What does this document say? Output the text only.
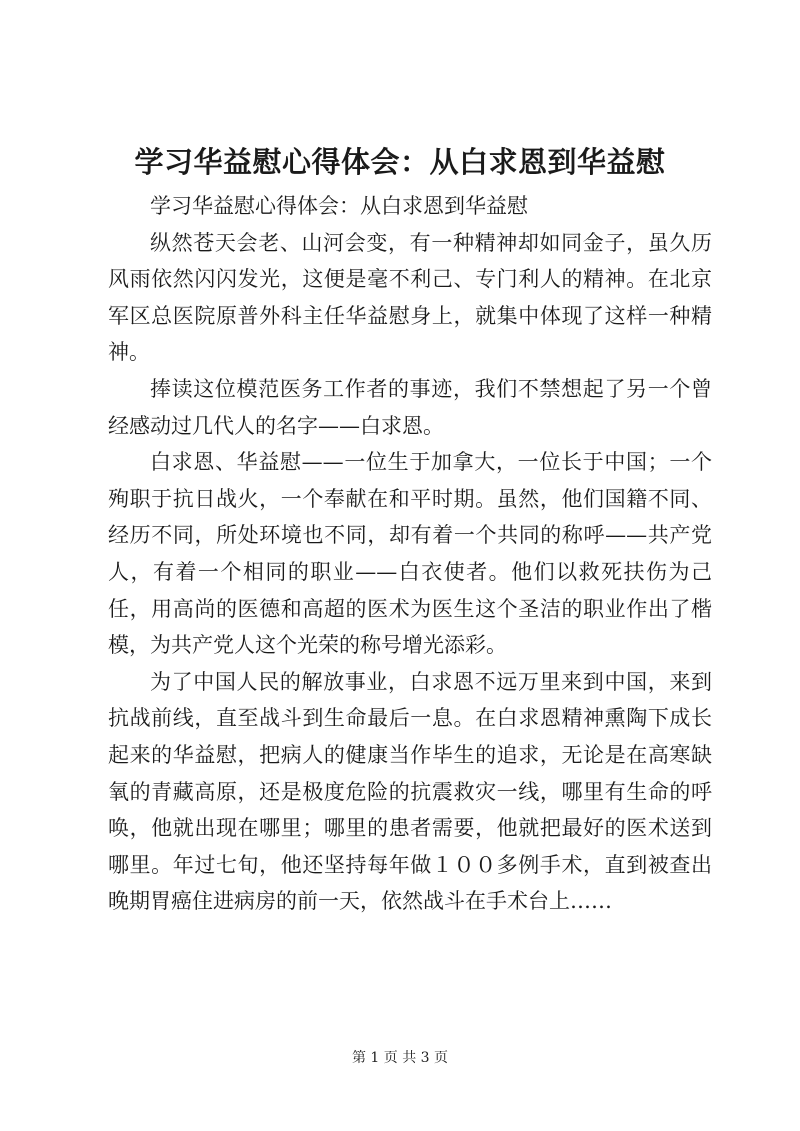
学习华益慰心得体会：从白求恩到华益慰

学习华益慰心得体会：从白求恩到华益慰

纵然苍天会老、山河会变，有一种精神却如同金子，虽久历风雨依然闪闪发光，这便是毫不利己、专门利人的精神。在北京军区总医院原普外科主任华益慰身上，就集中体现了这样一种精神。

捧读这位模范医务工作者的事迹，我们不禁想起了另一个曾经感动过几代人的名字——白求恩。

白求恩、华益慰——一位生于加拿大，一位长于中国；一个殉职于抗日战火，一个奉献在和平时期。虽然，他们国籍不同、经历不同，所处环境也不同，却有着一个共同的称呼——共产党人，有着一个相同的职业——白衣使者。他们以救死扶伤为己任，用高尚的医德和高超的医术为医生这个圣洁的职业作出了楷模，为共产党人这个光荣的称号增光添彩。

为了中国人民的解放事业，白求恩不远万里来到中国，来到抗战前线，直至战斗到生命最后一息。在白求恩精神熏陶下成长起来的华益慰，把病人的健康当作毕生的追求，无论是在高寒缺氧的青藏高原，还是极度危险的抗震救灾一线，哪里有生命的呼唤，他就出现在哪里；哪里的患者需要，他就把最好的医术送到哪里。年过七旬，他还坚持每年做１００多例手术，直到被查出晚期胃癌住进病房的前一天，依然战斗在手术台上……

第 1 页 共 3 页
